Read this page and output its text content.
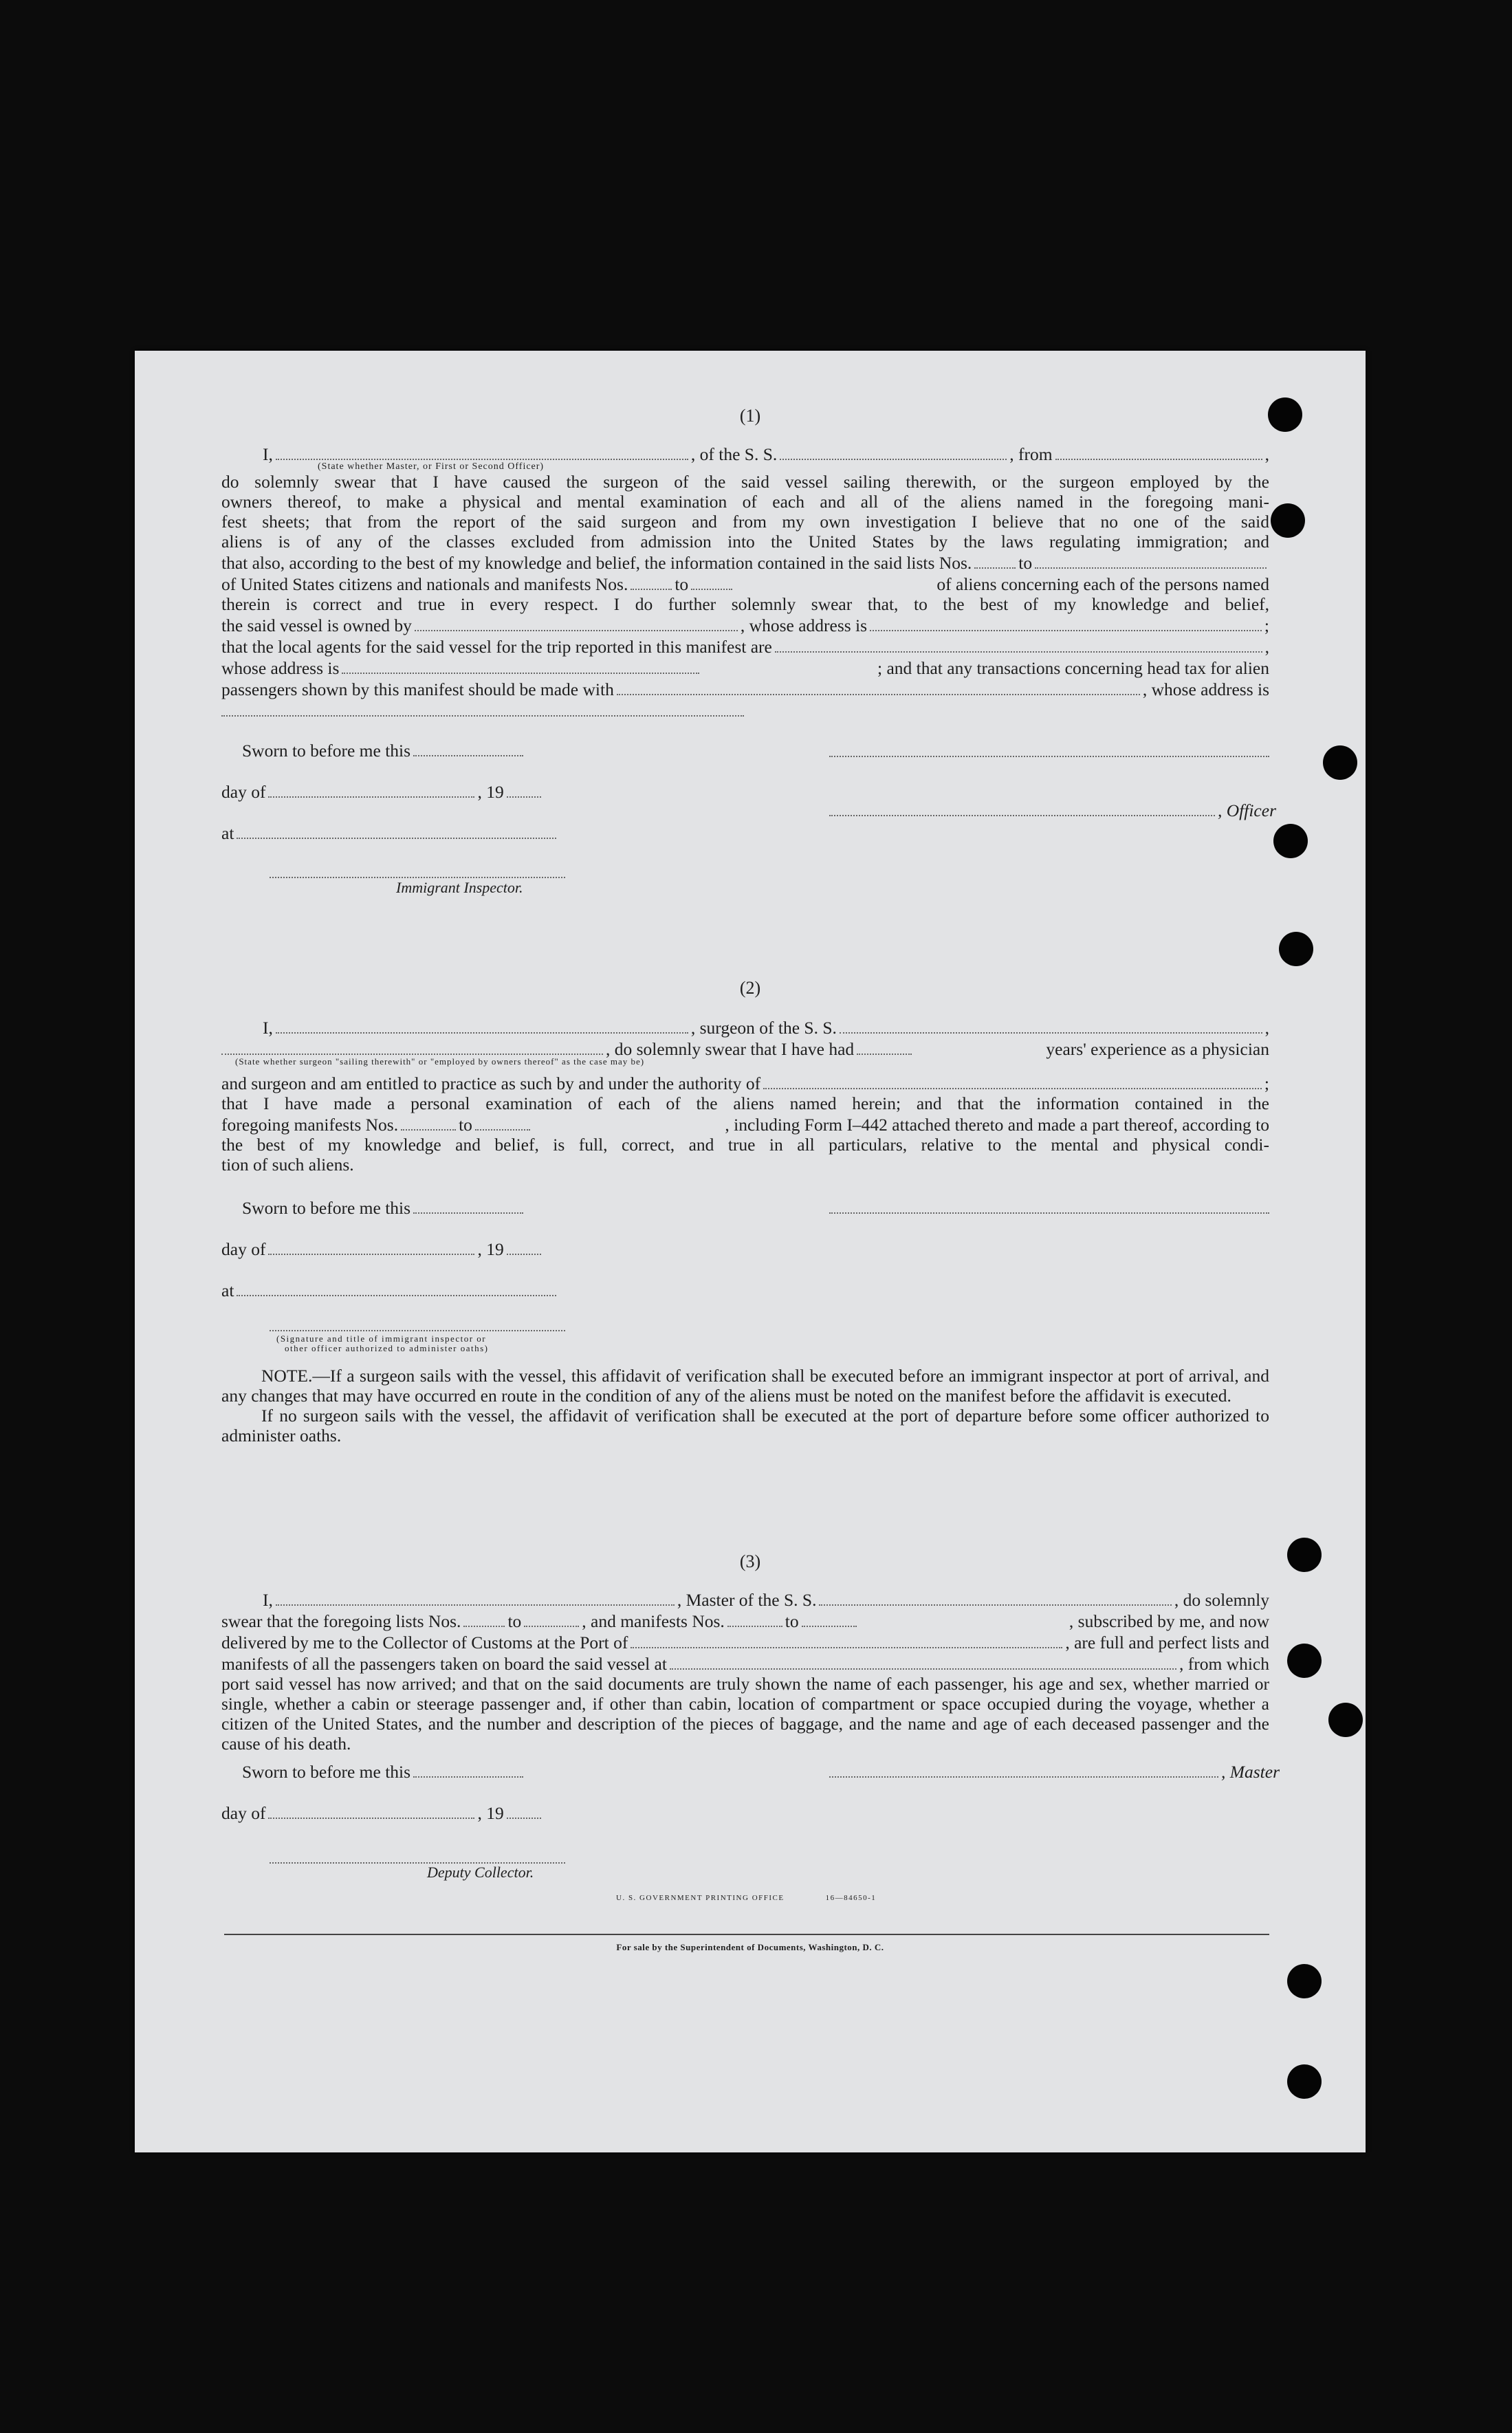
(1)
I,	, of the S. S.	, from	,
(State whether Master, or First or Second Officer)

do solemnly swear that I have caused the surgeon of the said vessel sailing therewith, or the surgeon employed by the

owners thereof, to make a physical and mental examination of each and all of the aliens named in the foregoing mani-

fest sheets; that from the report of the said surgeon and from my own investigation I believe that no one of the said

aliens is of any of the classes excluded from admission into the United States by the laws regulating immigration; and

that also, according to the best of my knowledge and belief, the information contained in the said lists Nos.	to
of United States citizens and nationals and manifests Nos.	to	of aliens concerning each of the persons named

therein is correct and true in every respect. I do further solemnly swear that, to the best of my knowledge and belief,

the said vessel is owned by	, whose address is	;
that the local agents for the said vessel for the trip reported in this manifest are	,
whose address is	; and that any transactions concerning head tax for alien
passengers shown by this manifest should be made with	, whose address is
Sworn to before me this
day of	, 19
at
, Officer
Immigrant Inspector.
(2)
I,	, surgeon of the S. S.	,
, do solemnly swear that I have had	years' experience as a physician
(State whether surgeon "sailing therewith" or "employed by owners thereof" as the case may be)
and surgeon and am entitled to practice as such by and under the authority of	;

that I have made a personal examination of each of the aliens named herein; and that the information contained in the

foregoing manifests Nos.	to	, including Form I–442 attached thereto and made a part thereof, according to

the best of my knowledge and belief, is full, correct, and true in all particulars, relative to the mental and physical condi-

tion of such aliens.

Sworn to before me this
day of	, 19
at
(Signature and title of immigrant inspector or
other officer authorized to administer oaths)

NOTE.—If a surgeon sails with the vessel, this affidavit of verification shall be executed before an immigrant inspector at port of arrival, and any changes that may have occurred en route in the condition of any of the aliens must be noted on the manifest before the affidavit is executed.

If no surgeon sails with the vessel, the affidavit of verification shall be executed at the port of departure before some officer authorized to administer oaths.

(3)
I,	, Master of the S. S.	, do solemnly
swear that the foregoing lists Nos.	to	, and manifests Nos.	to	, subscribed by me, and now
delivered by me to the Collector of Customs at the Port of	, are full and perfect lists and
manifests of all the passengers taken on board the said vessel at	, from which

port said vessel has now arrived; and that on the said documents are truly shown the name of each passenger, his age and sex, whether married or single, whether a cabin or steerage passenger and, if other than cabin, location of compartment or space occupied during the voyage, whether a citizen of the United States, and the number and description of the pieces of baggage, and the name and age of each deceased passenger and the cause of his death.

Sworn to before me this
day of	, 19
, Master
Deputy Collector.
U. S. GOVERNMENT PRINTING OFFICE	16—84650-1
For sale by the Superintendent of Documents, Washington, D. C.
